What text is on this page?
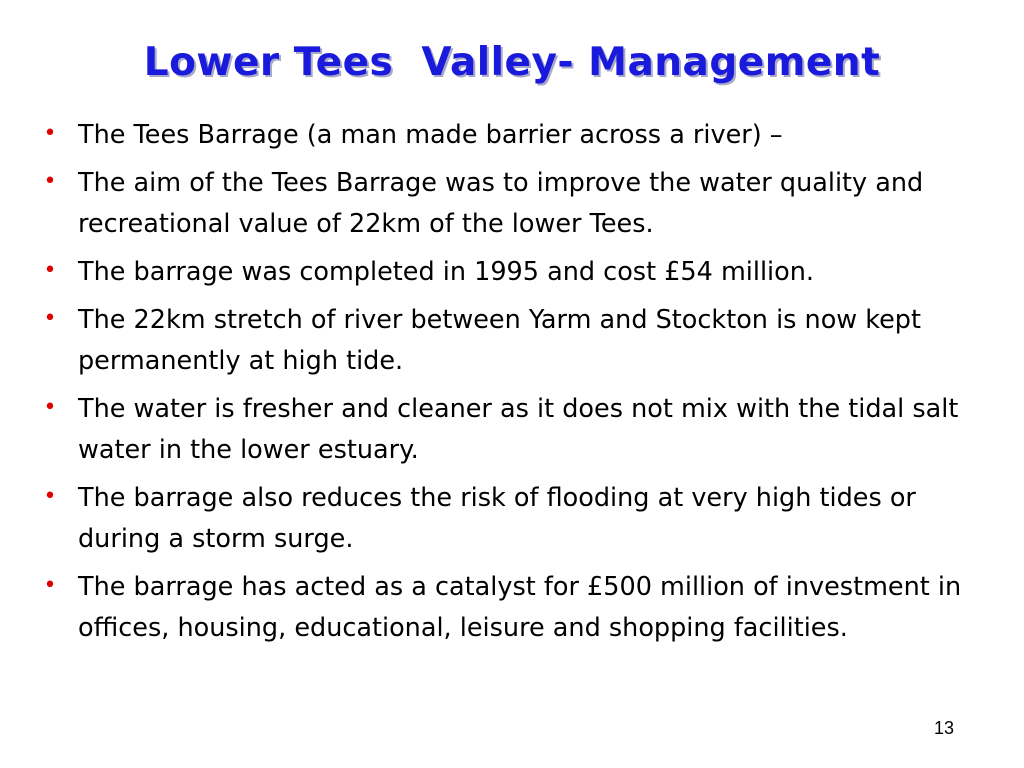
Lower Tees  Valley- Management
• The Tees Barrage (a man made barrier across a river) –
• The aim of the Tees Barrage was to improve the water quality and recreational value of 22km of the lower Tees.
• The barrage was completed in 1995 and cost £54 million.
• The 22km stretch of river between Yarm and Stockton is now kept permanently at high tide.
• The water is fresher and cleaner as it does not mix with the tidal salt water in the lower estuary.
• The barrage also reduces the risk of flooding at very high tides or during a storm surge.
• The barrage has acted as a catalyst for £500 million of investment in offices, housing, educational, leisure and shopping facilities.
13
